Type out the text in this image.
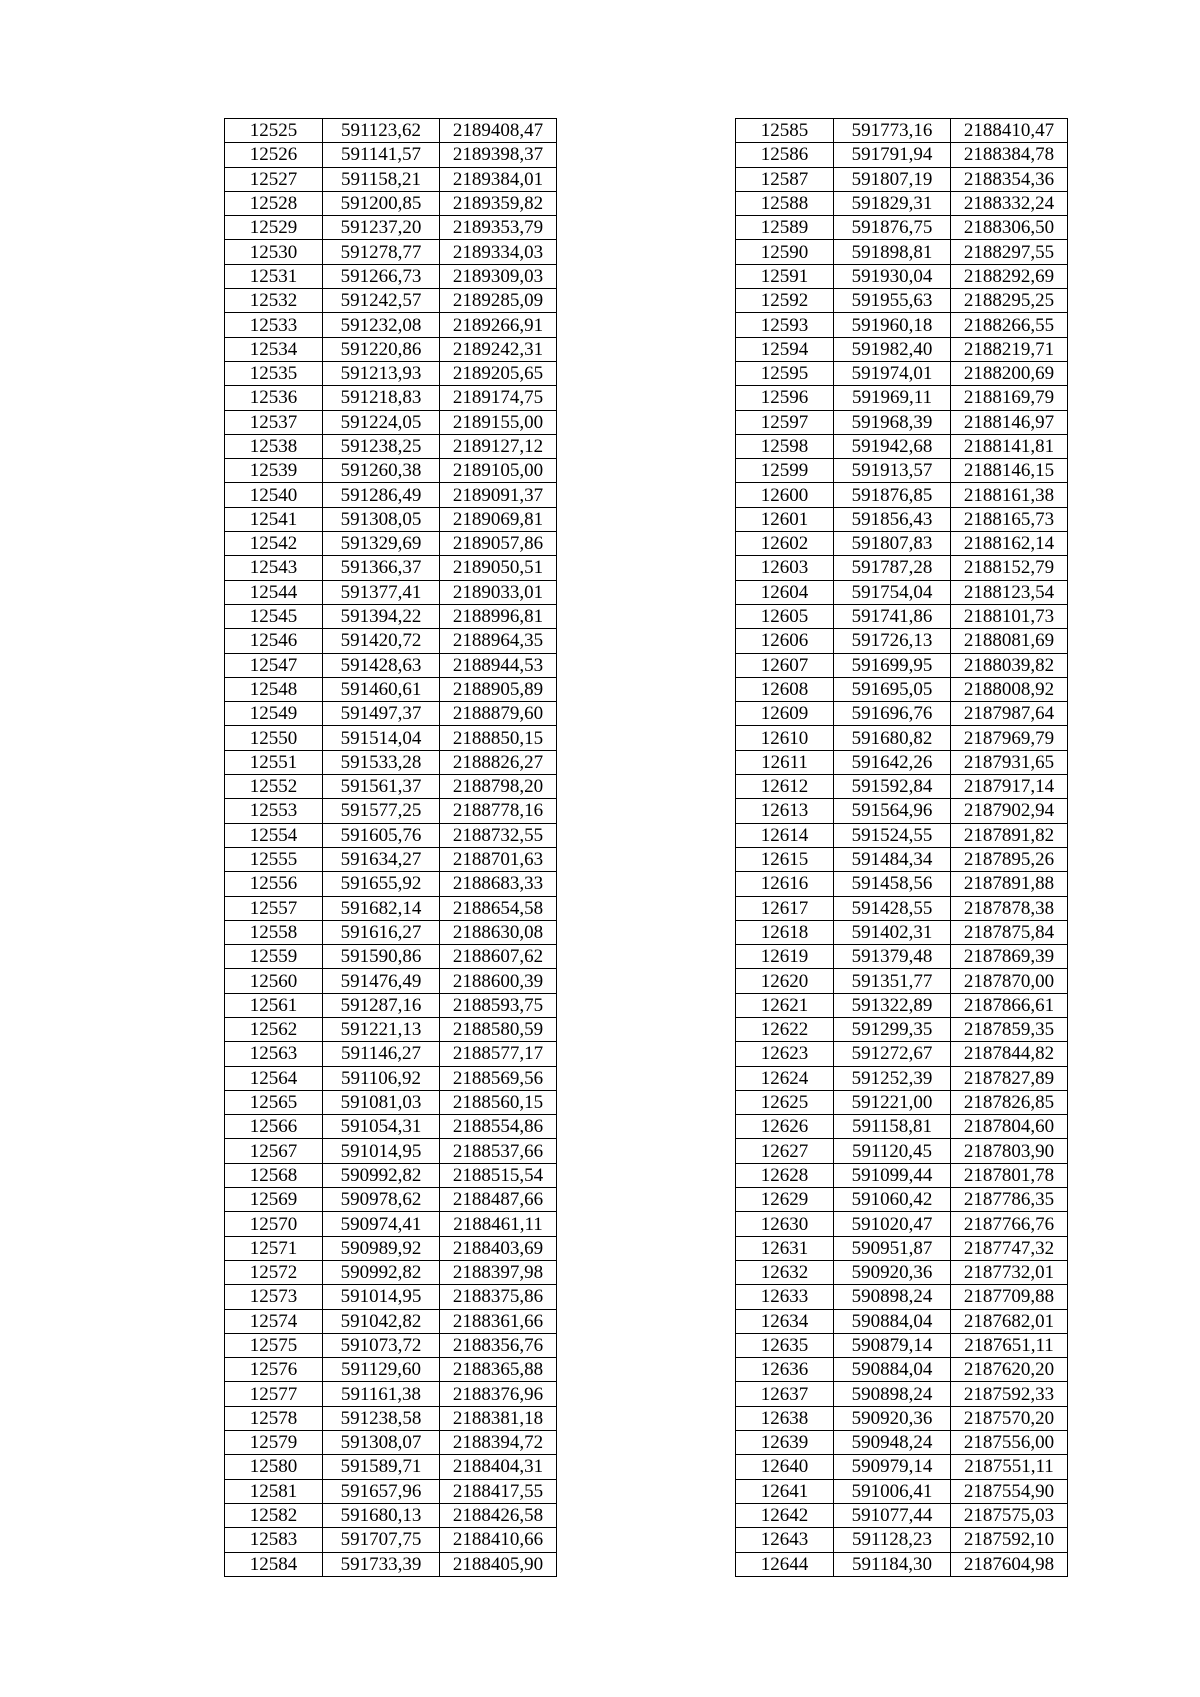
12525	591123,62	2189408,47
12526	591141,57	2189398,37
12527	591158,21	2189384,01
12528	591200,85	2189359,82
12529	591237,20	2189353,79
12530	591278,77	2189334,03
12531	591266,73	2189309,03
12532	591242,57	2189285,09
12533	591232,08	2189266,91
12534	591220,86	2189242,31
12535	591213,93	2189205,65
12536	591218,83	2189174,75
12537	591224,05	2189155,00
12538	591238,25	2189127,12
12539	591260,38	2189105,00
12540	591286,49	2189091,37
12541	591308,05	2189069,81
12542	591329,69	2189057,86
12543	591366,37	2189050,51
12544	591377,41	2189033,01
12545	591394,22	2188996,81
12546	591420,72	2188964,35
12547	591428,63	2188944,53
12548	591460,61	2188905,89
12549	591497,37	2188879,60
12550	591514,04	2188850,15
12551	591533,28	2188826,27
12552	591561,37	2188798,20
12553	591577,25	2188778,16
12554	591605,76	2188732,55
12555	591634,27	2188701,63
12556	591655,92	2188683,33
12557	591682,14	2188654,58
12558	591616,27	2188630,08
12559	591590,86	2188607,62
12560	591476,49	2188600,39
12561	591287,16	2188593,75
12562	591221,13	2188580,59
12563	591146,27	2188577,17
12564	591106,92	2188569,56
12565	591081,03	2188560,15
12566	591054,31	2188554,86
12567	591014,95	2188537,66
12568	590992,82	2188515,54
12569	590978,62	2188487,66
12570	590974,41	2188461,11
12571	590989,92	2188403,69
12572	590992,82	2188397,98
12573	591014,95	2188375,86
12574	591042,82	2188361,66
12575	591073,72	2188356,76
12576	591129,60	2188365,88
12577	591161,38	2188376,96
12578	591238,58	2188381,18
12579	591308,07	2188394,72
12580	591589,71	2188404,31
12581	591657,96	2188417,55
12582	591680,13	2188426,58
12583	591707,75	2188410,66
12584	591733,39	2188405,90
12585	591773,16	2188410,47
12586	591791,94	2188384,78
12587	591807,19	2188354,36
12588	591829,31	2188332,24
12589	591876,75	2188306,50
12590	591898,81	2188297,55
12591	591930,04	2188292,69
12592	591955,63	2188295,25
12593	591960,18	2188266,55
12594	591982,40	2188219,71
12595	591974,01	2188200,69
12596	591969,11	2188169,79
12597	591968,39	2188146,97
12598	591942,68	2188141,81
12599	591913,57	2188146,15
12600	591876,85	2188161,38
12601	591856,43	2188165,73
12602	591807,83	2188162,14
12603	591787,28	2188152,79
12604	591754,04	2188123,54
12605	591741,86	2188101,73
12606	591726,13	2188081,69
12607	591699,95	2188039,82
12608	591695,05	2188008,92
12609	591696,76	2187987,64
12610	591680,82	2187969,79
12611	591642,26	2187931,65
12612	591592,84	2187917,14
12613	591564,96	2187902,94
12614	591524,55	2187891,82
12615	591484,34	2187895,26
12616	591458,56	2187891,88
12617	591428,55	2187878,38
12618	591402,31	2187875,84
12619	591379,48	2187869,39
12620	591351,77	2187870,00
12621	591322,89	2187866,61
12622	591299,35	2187859,35
12623	591272,67	2187844,82
12624	591252,39	2187827,89
12625	591221,00	2187826,85
12626	591158,81	2187804,60
12627	591120,45	2187803,90
12628	591099,44	2187801,78
12629	591060,42	2187786,35
12630	591020,47	2187766,76
12631	590951,87	2187747,32
12632	590920,36	2187732,01
12633	590898,24	2187709,88
12634	590884,04	2187682,01
12635	590879,14	2187651,11
12636	590884,04	2187620,20
12637	590898,24	2187592,33
12638	590920,36	2187570,20
12639	590948,24	2187556,00
12640	590979,14	2187551,11
12641	591006,41	2187554,90
12642	591077,44	2187575,03
12643	591128,23	2187592,10
12644	591184,30	2187604,98
